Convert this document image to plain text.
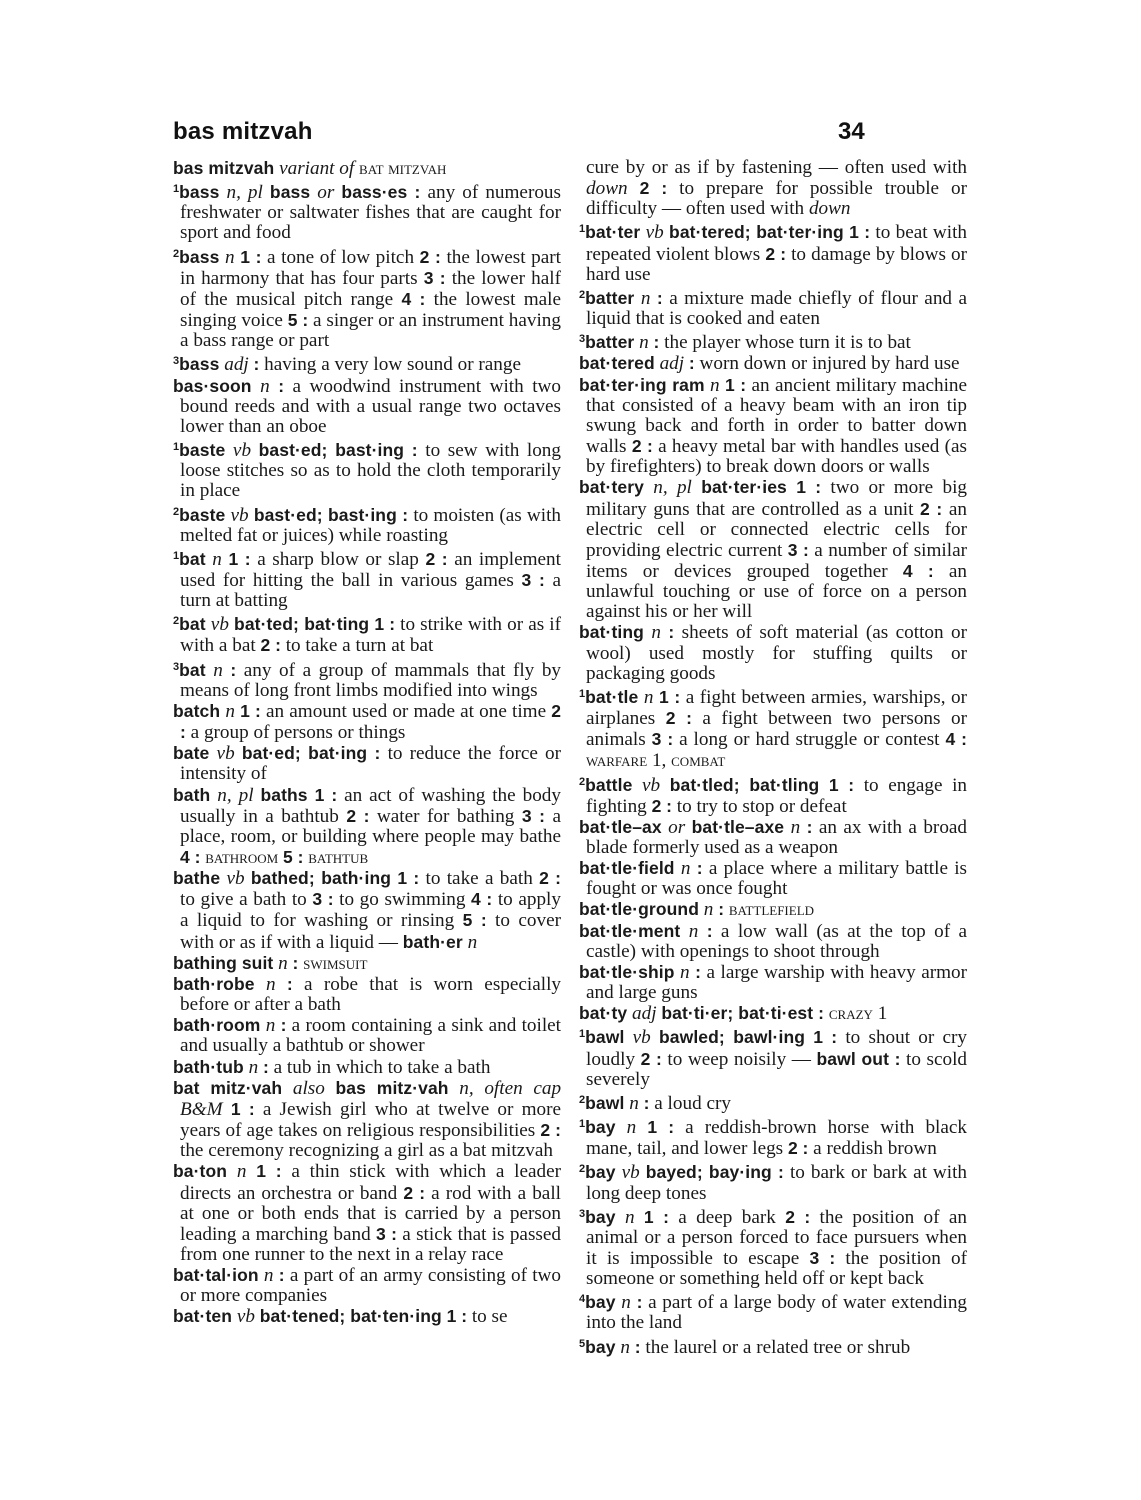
bas mitzvah	34

bas mitzvah variant of bat mitzvah

$^1$bass n, pl bass or bass·es : any of numerous freshwater or saltwater fishes that are caught for sport and food

$^2$bass n 1 : a tone of low pitch 2 : the lowest part in harmony that has four parts 3 : the lower half of the musical pitch range 4 : the lowest male singing voice 5 : a singer or an instrument having a bass range or part

$^3$bass adj : having a very low sound or range

bas·soon n : a woodwind instrument with two bound reeds and with a usual range two octaves lower than an oboe

$^1$baste vb bast·ed; bast·ing : to sew with long loose stitches so as to hold the cloth temporarily in place

$^2$baste vb bast·ed; bast·ing : to moisten (as with melted fat or juices) while roasting

$^1$bat n 1 : a sharp blow or slap 2 : an implement used for hitting the ball in various games 3 : a turn at batting

$^2$bat vb bat·ted; bat·ting 1 : to strike with or as if with a bat 2 : to take a turn at bat

$^3$bat n : any of a group of mammals that fly by means of long front limbs modified into wings

batch n 1 : an amount used or made at one time 2 : a group of persons or things

bate vb bat·ed; bat·ing : to reduce the force or intensity of

bath n, pl baths 1 : an act of washing the body usually in a bathtub 2 : water for bathing 3 : a place, room, or building where people may bathe 4 : bathroom 5 : bathtub

bathe vb bathed; bath·ing 1 : to take a bath 2 : to give a bath to 3 : to go swimming 4 : to apply a liquid to for washing or rinsing 5 : to cover with or as if with a liquid — bath·er n

bathing suit n : swimsuit

bath·robe n : a robe that is worn especially before or after a bath

bath·room n : a room containing a sink and toilet and usually a bathtub or shower

bath·tub n : a tub in which to take a bath

bat mitz·vah also bas mitz·vah n, often cap B&M 1 : a Jewish girl who at twelve or more years of age takes on religious responsibilities 2 : the ceremony recognizing a girl as a bat mitzvah

ba·ton n 1 : a thin stick with which a leader directs an orchestra or band 2 : a rod with a ball at one or both ends that is carried by a person leading a marching band 3 : a stick that is passed from one runner to the next in a relay race

bat·tal·ion n : a part of an army consisting of two or more companies

bat·ten vb bat·tened; bat·ten·ing 1 : to se

cure by or as if by fastening — often used with down 2 : to prepare for possible trouble or difficulty — often used with down

$^1$bat·ter vb bat·tered; bat·ter·ing 1 : to beat with repeated violent blows 2 : to damage by blows or hard use

$^2$batter n : a mixture made chiefly of flour and a liquid that is cooked and eaten

$^3$batter n : the player whose turn it is to bat

bat·tered adj : worn down or injured by hard use

bat·ter·ing ram n 1 : an ancient military machine that consisted of a heavy beam with an iron tip swung back and forth in order to batter down walls 2 : a heavy metal bar with handles used (as by firefighters) to break down doors or walls

bat·tery n, pl bat·ter·ies 1 : two or more big military guns that are controlled as a unit 2 : an electric cell or connected electric cells for providing electric current 3 : a number of similar items or devices grouped together 4 : an unlawful touching or use of force on a person against his or her will

bat·ting n : sheets of soft material (as cotton or wool) used mostly for stuffing quilts or packaging goods

$^1$bat·tle n 1 : a fight between armies, warships, or airplanes 2 : a fight between two persons or animals 3 : a long or hard struggle or contest 4 : warfare 1, combat

$^2$battle vb bat·tled; bat·tling 1 : to engage in fighting 2 : to try to stop or defeat

bat·tle–ax or bat·tle–axe n : an ax with a broad blade formerly used as a weapon

bat·tle·field n : a place where a military battle is fought or was once fought

bat·tle·ground n : battlefield

bat·tle·ment n : a low wall (as at the top of a castle) with openings to shoot through

bat·tle·ship n : a large warship with heavy armor and large guns

bat·ty adj bat·ti·er; bat·ti·est : crazy 1

$^1$bawl vb bawled; bawl·ing 1 : to shout or cry loudly 2 : to weep noisily — bawl out : to scold severely

$^2$bawl n : a loud cry

$^1$bay n 1 : a reddish-brown horse with black mane, tail, and lower legs 2 : a reddish brown

$^2$bay vb bayed; bay·ing : to bark or bark at with long deep tones

$^3$bay n 1 : a deep bark 2 : the position of an animal or a person forced to face pursuers when it is impossible to escape 3 : the position of someone or something held off or kept back

$^4$bay n : a part of a large body of water extending into the land

$^5$bay n : the laurel or a related tree or shrub
